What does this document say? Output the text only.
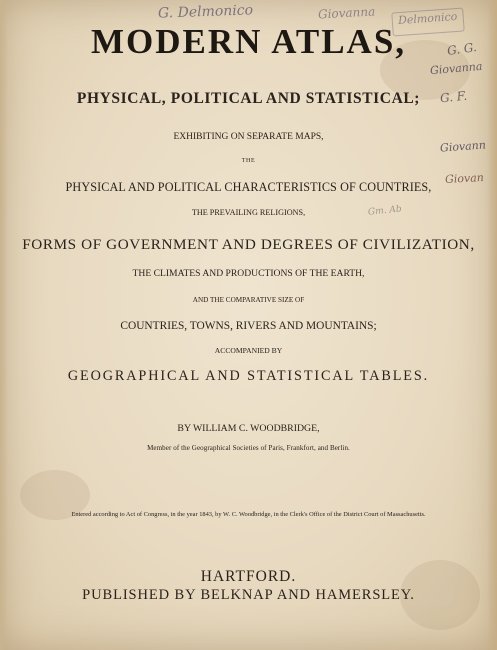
G. Delmonico	Giovanna Delmonico
G. G.
Giovanna
G. F.
Giovann
Giovan
Gm. Ab
MODERN ATLAS,
PHYSICAL, POLITICAL AND STATISTICAL;
EXHIBITING ON SEPARATE MAPS,
THE
PHYSICAL AND POLITICAL CHARACTERISTICS OF COUNTRIES,
THE PREVAILING RELIGIONS,
FORMS OF GOVERNMENT AND DEGREES OF CIVILIZATION,
THE CLIMATES AND PRODUCTIONS OF THE EARTH,
AND THE COMPARATIVE SIZE OF
COUNTRIES, TOWNS, RIVERS AND MOUNTAINS;
ACCOMPANIED BY
GEOGRAPHICAL AND STATISTICAL TABLES.
BY WILLIAM C. WOODBRIDGE,
Member of the Geographical Societies of Paris, Frankfort, and Berlin.
Entered according to Act of Congress, in the year 1843, by W. C. Woodbridge, in the Clerk's Office of the District Court of Massachusetts.
HARTFORD.
PUBLISHED BY BELKNAP AND HAMERSLEY.
